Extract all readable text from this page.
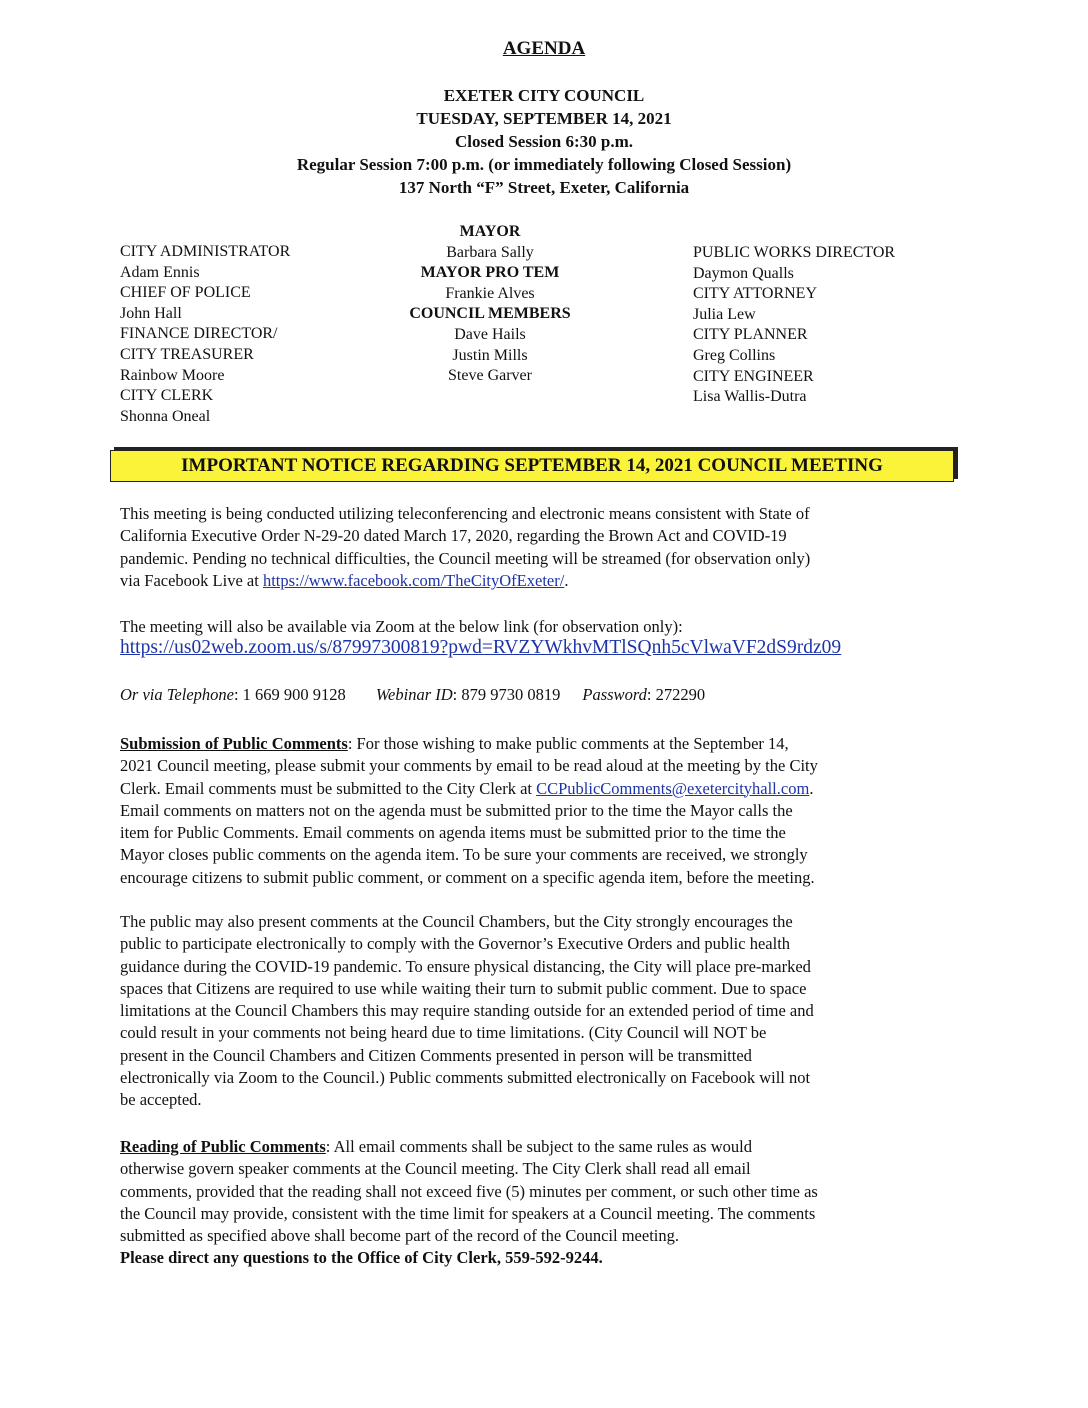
AGENDA
EXETER CITY COUNCIL
TUESDAY, SEPTEMBER 14, 2021
Closed Session 6:30 p.m.
Regular Session 7:00 p.m. (or immediately following Closed Session)
137 North “F” Street, Exeter, California
CITY ADMINISTRATOR
Adam Ennis
CHIEF OF POLICE
John Hall
FINANCE DIRECTOR/
CITY TREASURER
Rainbow Moore
CITY CLERK
Shonna Oneal
MAYOR
Barbara Sally
MAYOR PRO TEM
Frankie Alves
COUNCIL MEMBERS
Dave Hails
Justin Mills
Steve Garver
PUBLIC WORKS DIRECTOR
Daymon Qualls
CITY ATTORNEY
Julia Lew
CITY PLANNER
Greg Collins
CITY ENGINEER
Lisa Wallis-Dutra
IMPORTANT NOTICE REGARDING SEPTEMBER 14, 2021 COUNCIL MEETING
This meeting is being conducted utilizing teleconferencing and electronic means consistent with State of
California Executive Order N-29-20 dated March 17, 2020, regarding the Brown Act and COVID-19
pandemic. Pending no technical difficulties, the Council meeting will be streamed (for observation only)
via Facebook Live at https://www.facebook.com/TheCityOfExeter/.
The meeting will also be available via Zoom at the below link (for observation only):
https://us02web.zoom.us/s/87997300819?pwd=RVZYWkhvMTlSQnh5cVlwaVF2dS9rdz09
Or via Telephone: 1 669 900 9128 Webinar ID: 879 9730 0819 Password: 272290
Submission of Public Comments: For those wishing to make public comments at the September 14,
2021 Council meeting, please submit your comments by email to be read aloud at the meeting by the City
Clerk. Email comments must be submitted to the City Clerk at CCPublicComments@exetercityhall.com.
Email comments on matters not on the agenda must be submitted prior to the time the Mayor calls the
item for Public Comments. Email comments on agenda items must be submitted prior to the time the
Mayor closes public comments on the agenda item. To be sure your comments are received, we strongly
encourage citizens to submit public comment, or comment on a specific agenda item, before the meeting.
The public may also present comments at the Council Chambers, but the City strongly encourages the
public to participate electronically to comply with the Governor’s Executive Orders and public health
guidance during the COVID-19 pandemic. To ensure physical distancing, the City will place pre-marked
spaces that Citizens are required to use while waiting their turn to submit public comment. Due to space
limitations at the Council Chambers this may require standing outside for an extended period of time and
could result in your comments not being heard due to time limitations. (City Council will NOT be
present in the Council Chambers and Citizen Comments presented in person will be transmitted
electronically via Zoom to the Council.) Public comments submitted electronically on Facebook will not
be accepted.
Reading of Public Comments: All email comments shall be subject to the same rules as would
otherwise govern speaker comments at the Council meeting. The City Clerk shall read all email
comments, provided that the reading shall not exceed five (5) minutes per comment, or such other time as
the Council may provide, consistent with the time limit for speakers at a Council meeting. The comments
submitted as specified above shall become part of the record of the Council meeting.
Please direct any questions to the Office of City Clerk, 559-592-9244.
